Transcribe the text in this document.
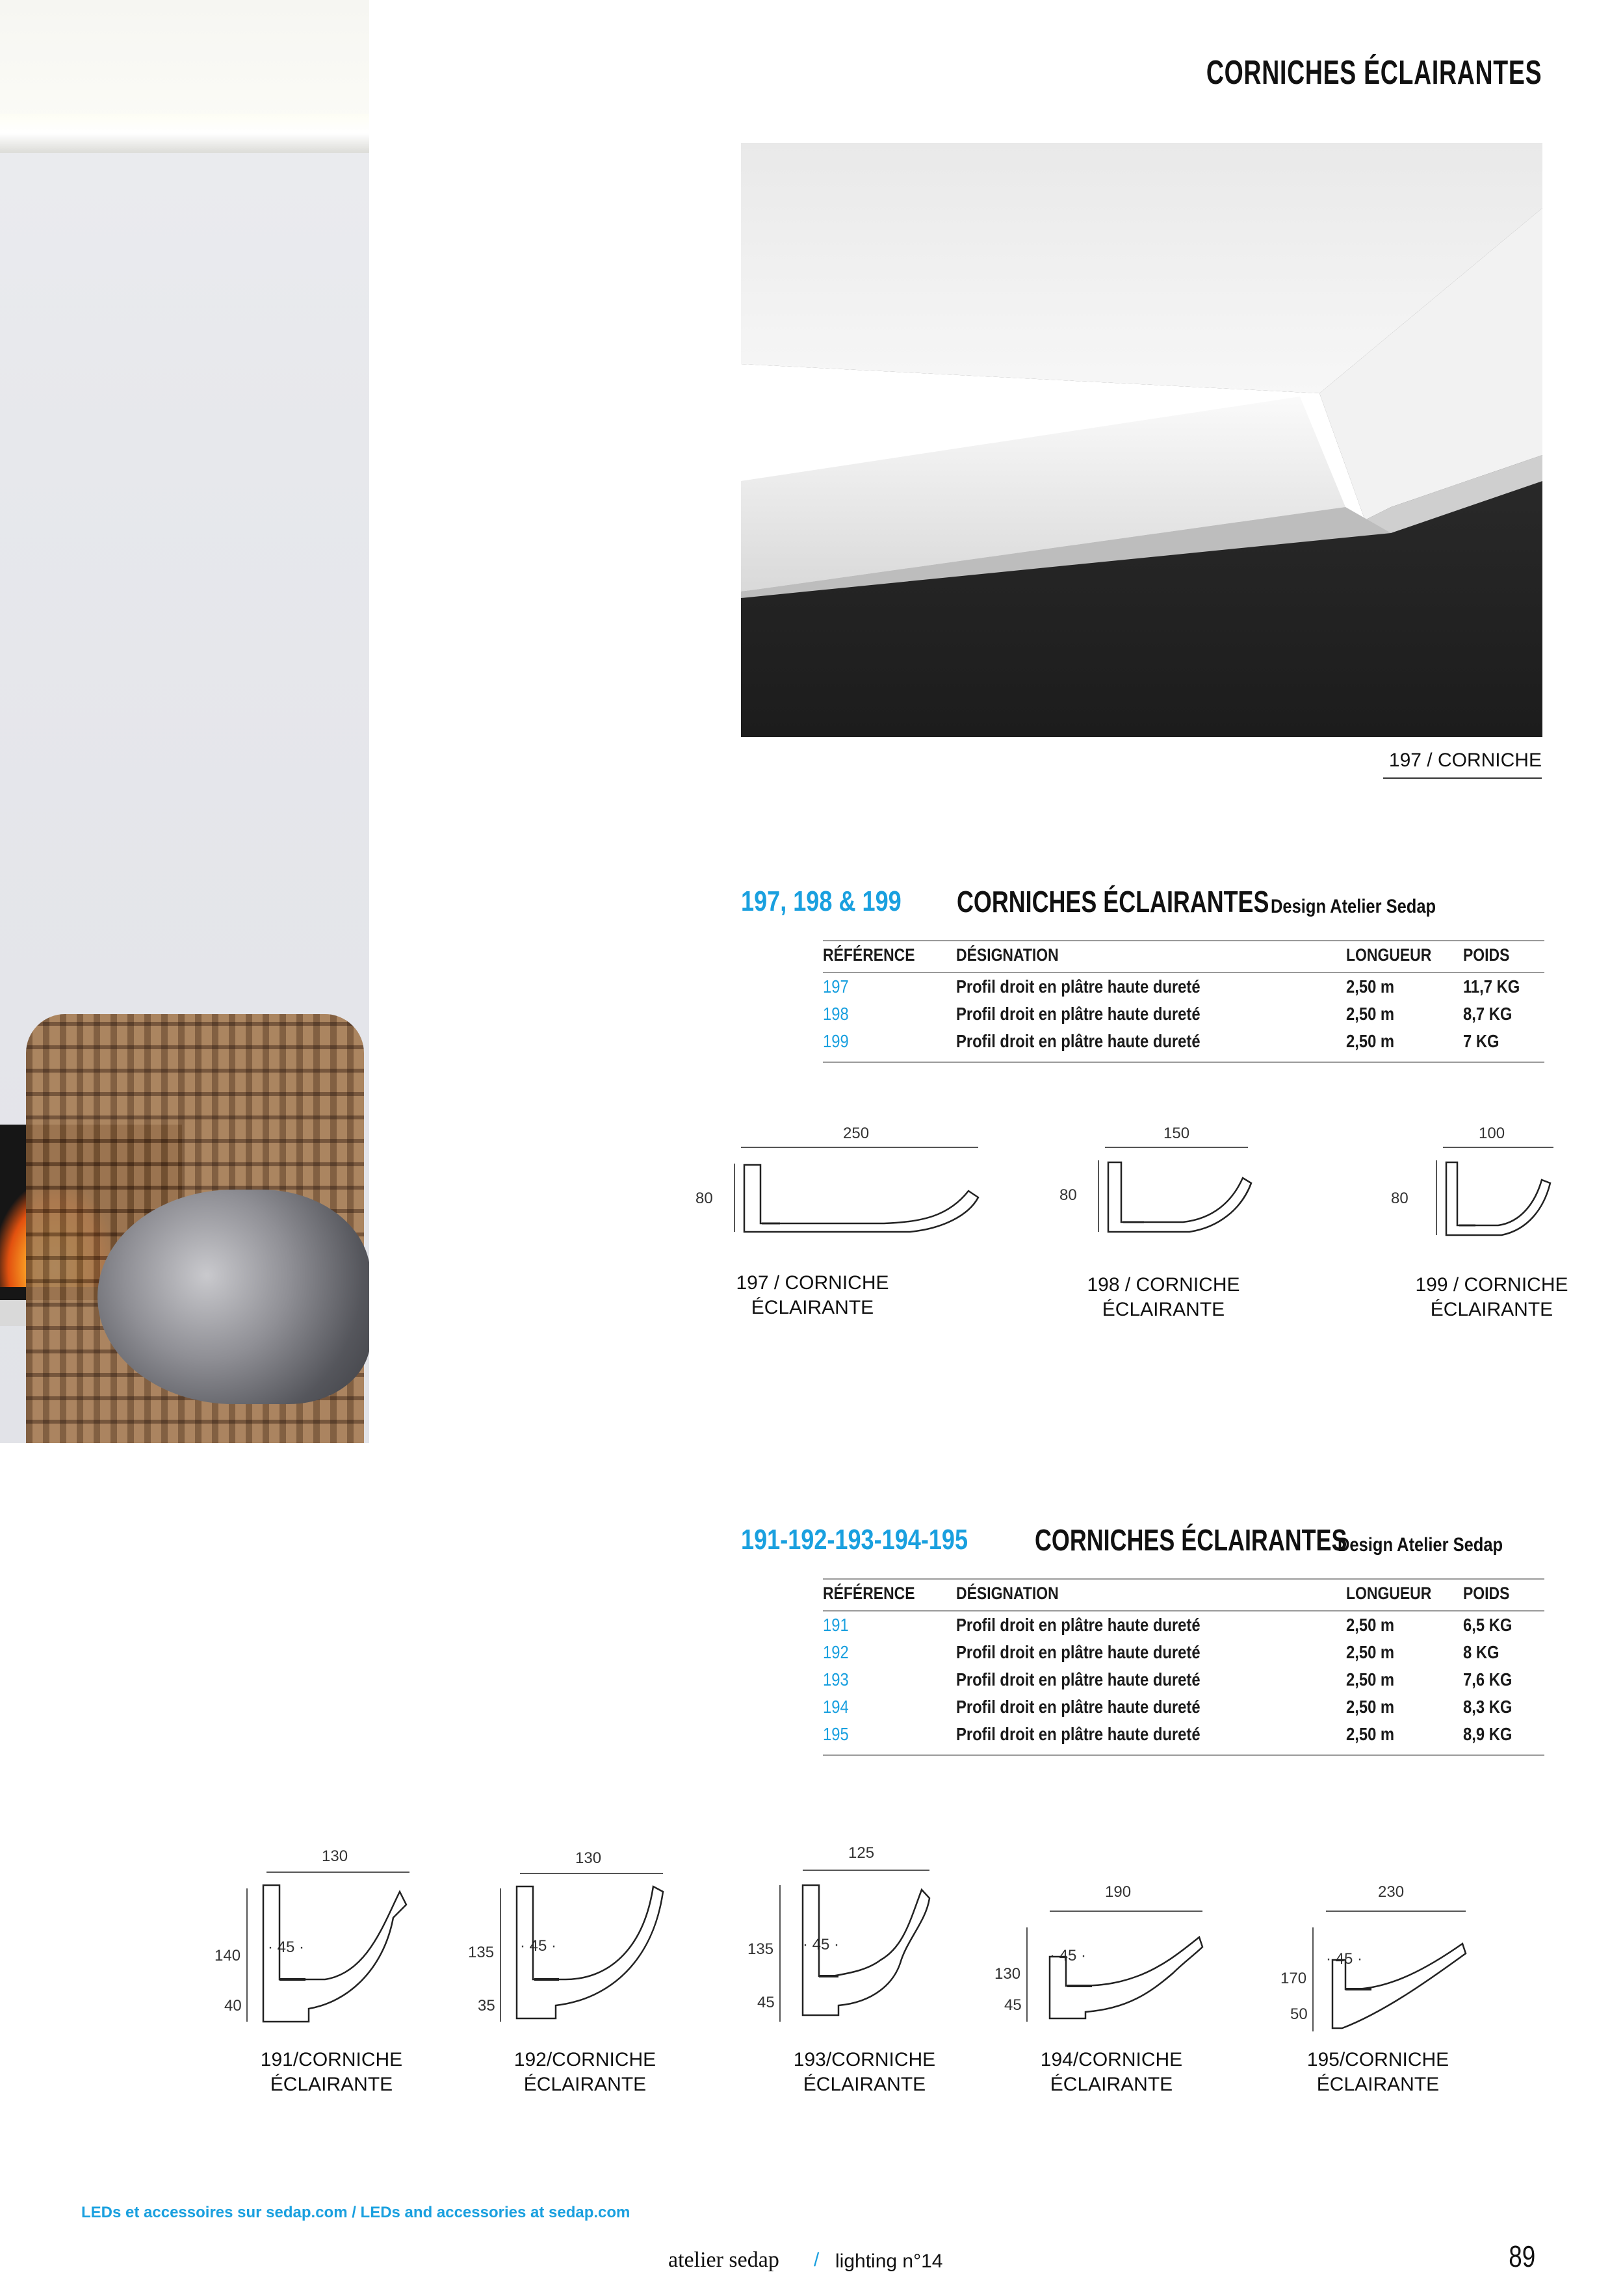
CORNICHES ÉCLAIRANTES
197 / CORNICHE
197, 198 & 199	CORNICHES ÉCLAIRANTES Design Atelier Sedap
RÉFÉRENCE	DÉSIGNATION	LONGUEUR	POIDS
197	Profil droit en plâtre haute dureté	2,50 m	11,7 KG
198	Profil droit en plâtre haute dureté	2,50 m	8,7 KG
199	Profil droit en plâtre haute dureté	2,50 m	7 KG
250
80
197 / CORNICHE
ÉCLAIRANTE
150
80
198 / CORNICHE
ÉCLAIRANTE
100
80
199 / CORNICHE
ÉCLAIRANTE
191-192-193-194-195	CORNICHES ÉCLAIRANTES
Design Atelier Sedap
RÉFÉRENCE	DÉSIGNATION	LONGUEUR	POIDS
191	Profil droit en plâtre haute dureté	2,50 m	6,5 KG
192	Profil droit en plâtre haute dureté	2,50 m	8 KG
193	Profil droit en plâtre haute dureté	2,50 m	7,6 KG
194	Profil droit en plâtre haute dureté	2,50 m	8,3 KG
195	Profil droit en plâtre haute dureté	2,50 m	8,9 KG
130
140 · 45 ·
40
191/CORNICHE
ÉCLAIRANTE
130
135 · 45 ·
35
192/CORNICHE
ÉCLAIRANTE
125
135 · 45 ·
45
193/CORNICHE
ÉCLAIRANTE
190
130
· 45 ·
45
194/CORNICHE
ÉCLAIRANTE
230
170
· 45 ·
50
195/CORNICHE
ÉCLAIRANTE
LEDs et accessoires sur sedap.com / LEDs and accessories at sedap.com
atelier sedap / lighting n°14	89
